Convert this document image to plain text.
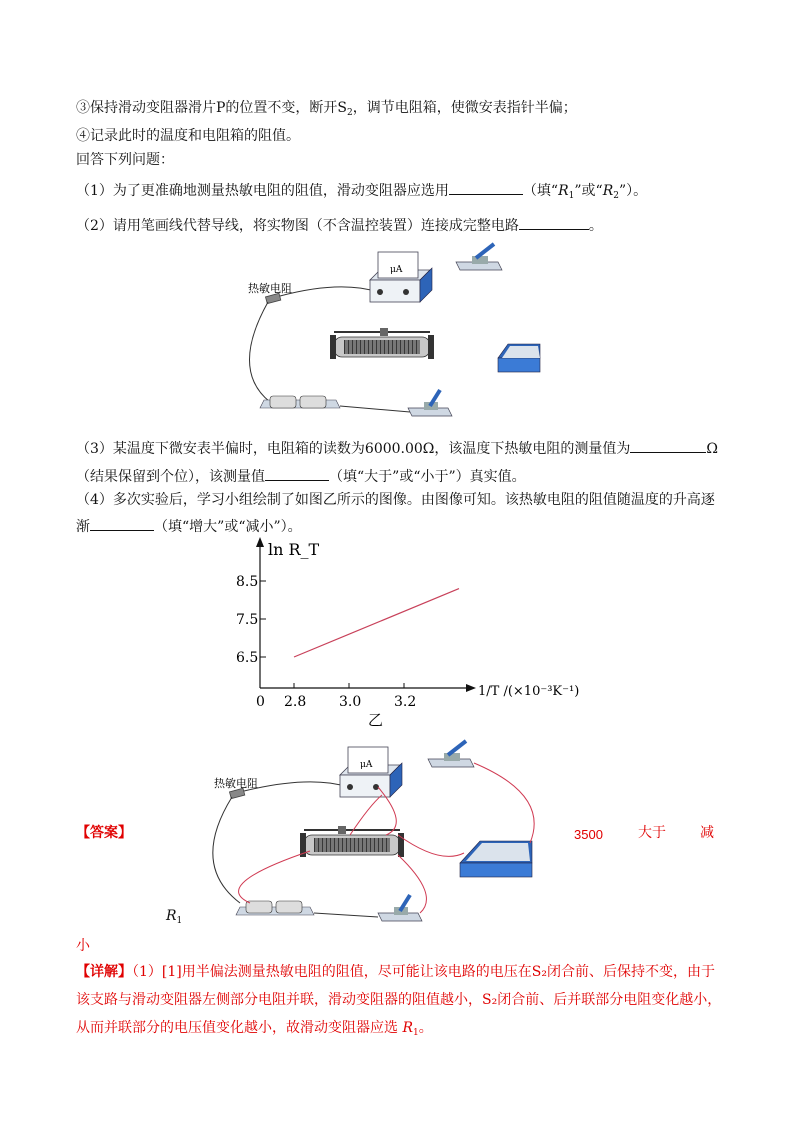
③保持滑动变阻器滑片P的位置不变，断开$S_2$，调节电阻箱，使微安表指针半偏；
④记录此时的温度和电阻箱的阻值。
回答下列问题：
（1）为了更准确地测量热敏电阻的阻值，滑动变阻器应选用	（填“$R_1$”或“$R_2$”）。
（2）请用笔画线代替导线，将实物图（不含温控装置）连接成完整电路	。
热敏电阻
μA
（3）某温度下微安表半偏时，电阻箱的读数为6000.00Ω，该温度下热敏电阻的测量值为	Ω
（结果保留到个位），该测量值	（填“大于”或“小于”）真实值。
（4）多次实验后，学习小组绘制了如图乙所示的图像。由图像可知。该热敏电阻的阻值随温度的升高逐
渐	（填“增大”或“减小”）。
ln R_T
1/T /(×10⁻³K⁻¹)
0 2.8 3.0 3.2
6.5
7.5
8.5
乙
热敏电阻
μA
【答案】	3500	大于 减
$R_1$
小
【详解】（1）[1]用半偏法测量热敏电阻的阻值，尽可能让该电路的电压在S₂闭合前、后保持不变，由于
该支路与滑动变阻器左侧部分电阻并联，滑动变阻器的阻值越小，S₂闭合前、后并联部分电阻变化越小，
从而并联部分的电压值变化越小，故滑动变阻器应选 $R_1$。
